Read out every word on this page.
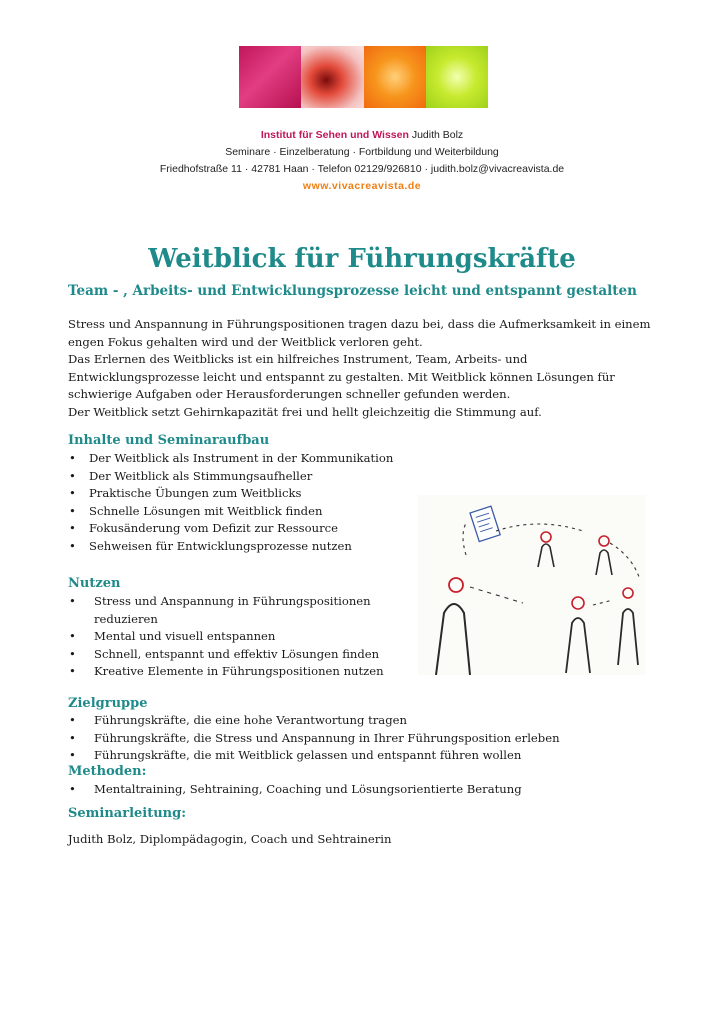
Institut für Sehen und Wissen Judith Bolz
Seminare · Einzelberatung · Fortbildung und Weiterbildung
Friedhofstraße 11 · 42781 Haan · Telefon 02129/926810 · judith.bolz@vivacreavista.de
www.vivacreavista.de
Weitblick für Führungskräfte
Team - , Arbeits- und Entwicklungsprozesse leicht und entspannt gestalten

Stress und Anspannung in Führungspositionen tragen dazu bei, dass die Aufmerksamkeit in einem engen Fokus gehalten wird und der Weitblick verloren geht.

Das Erlernen des Weitblicks ist ein hilfreiches Instrument, Team, Arbeits- und Entwicklungsprozesse leicht und entspannt zu gestalten. Mit Weitblick können Lösungen für schwierige Aufgaben oder Herausforderungen schneller gefunden werden.

Der Weitblick setzt Gehirnkapazität frei und hellt gleichzeitig die Stimmung auf.

Inhalte und Seminaraufbau
• Der Weitblick als Instrument in der Kommunikation
• Der Weitblick als Stimmungsaufheller
• Praktische Übungen zum Weitblicks
• Schnelle Lösungen mit Weitblick finden
• Fokusänderung vom Defizit zur Ressource
• Sehweisen für Entwicklungsprozesse nutzen
Nutzen
• Stress und Anspannung in Führungspositionen
reduzieren
• Mental und visuell entspannen
• Schnell, entspannt und effektiv Lösungen finden
• Kreative Elemente in Führungspositionen nutzen
Zielgruppe
• Führungskräfte, die eine hohe Verantwortung tragen
• Führungskräfte, die Stress und Anspannung in Ihrer Führungsposition erleben
• Führungskräfte, die mit Weitblick gelassen und entspannt führen wollen
Methoden:
• Mentaltraining, Sehtraining, Coaching und Lösungsorientierte Beratung
Seminarleitung:

Judith Bolz, Diplompädagogin, Coach und Sehtrainerin
